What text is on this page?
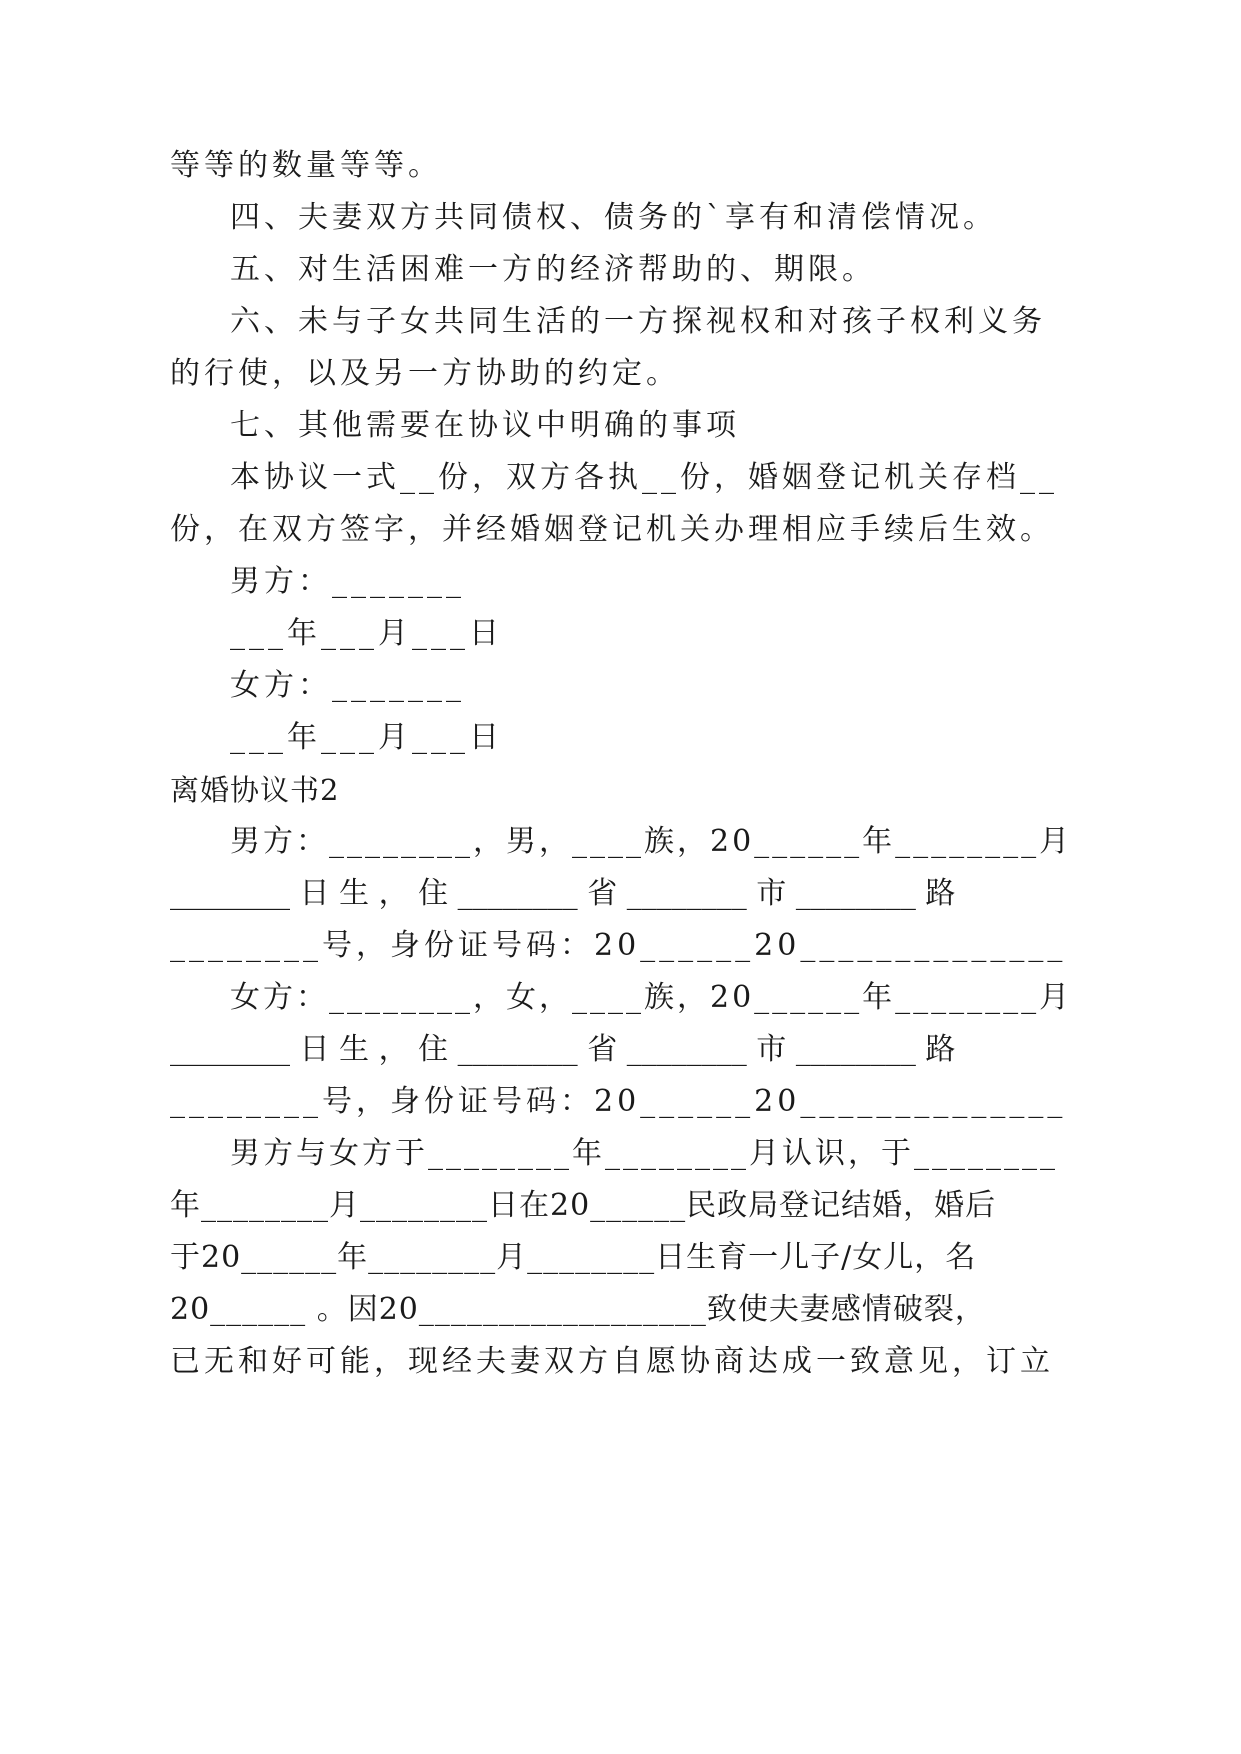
等等的数量等等。
四、夫妻双方共同债权、债务的`享有和清偿情况。
五、对生活困难一方的经济帮助的、期限。
六、未与子女共同生活的一方探视权和对孩子权利义务
的行使，以及另一方协助的约定。
七、其他需要在协议中明确的事项
本协议一式__份，双方各执__份，婚姻登记机关存档__
份，在双方签字，并经婚姻登记机关办理相应手续后生效。
男方：_______
___年___月___日
女方：_______
___年___月___日
离婚协议书2
男方：________，男，____族，20______年________月
________ 日 生 ， 住 ________ 省 ________ 市 ________ 路
________号，身份证号码：20______20______________
女方：________，女，____族，20______年________月
________ 日 生 ， 住 ________ 省 ________ 市 ________ 路
________号，身份证号码：20______20______________
男方与女方于________年________月认识，于________
年________月________日在20______民政局登记结婚，婚后
于20______年________月________日生育一儿子/女儿，名
20______ 。因20__________________致使夫妻感情破裂，
已无和好可能，现经夫妻双方自愿协商达成一致意见，订立
